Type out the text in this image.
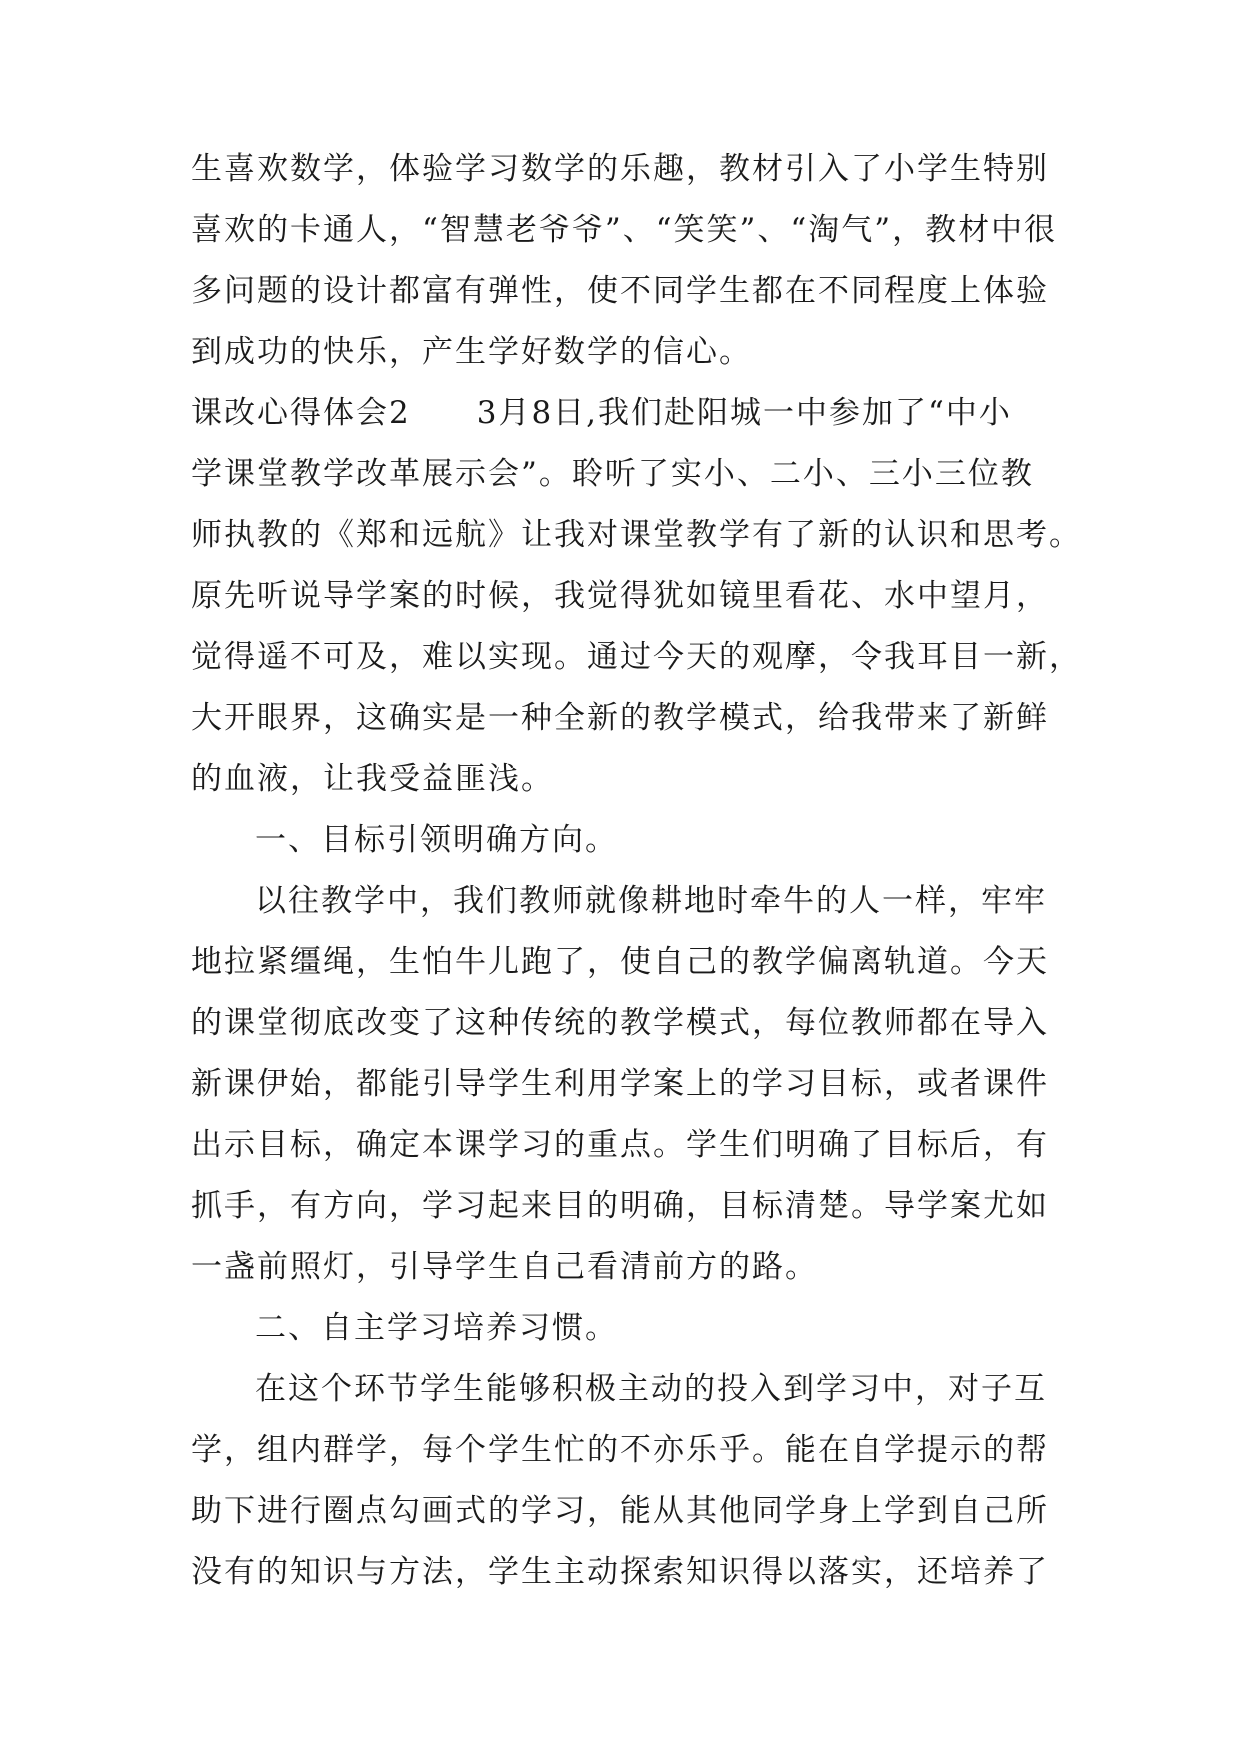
生喜欢数学，体验学习数学的乐趣，教材引入了小学生特别
喜欢的卡通人，“智慧老爷爷”、“笑笑”、“淘气”，教材中很
多问题的设计都富有弹性，使不同学生都在不同程度上体验
到成功的快乐，产生学好数学的信心。
课改心得体会2　　3月8日,我们赴阳城一中参加了“中小
学课堂教学改革展示会”。聆听了实小、二小、三小三位教
师执教的《郑和远航》让我对课堂教学有了新的认识和思考。
原先听说导学案的时候，我觉得犹如镜里看花、水中望月，
觉得遥不可及，难以实现。通过今天的观摩，令我耳目一新，
大开眼界，这确实是一种全新的教学模式，给我带来了新鲜
的血液，让我受益匪浅。
一、目标引领明确方向。
以往教学中，我们教师就像耕地时牵牛的人一样，牢牢
地拉紧缰绳，生怕牛儿跑了，使自己的教学偏离轨道。今天
的课堂彻底改变了这种传统的教学模式，每位教师都在导入
新课伊始，都能引导学生利用学案上的学习目标，或者课件
出示目标，确定本课学习的重点。学生们明确了目标后，有
抓手，有方向，学习起来目的明确，目标清楚。导学案尤如
一盏前照灯，引导学生自己看清前方的路。
二、自主学习培养习惯。
在这个环节学生能够积极主动的投入到学习中，对子互
学，组内群学，每个学生忙的不亦乐乎。能在自学提示的帮
助下进行圈点勾画式的学习，能从其他同学身上学到自己所
没有的知识与方法，学生主动探索知识得以落实，还培养了
